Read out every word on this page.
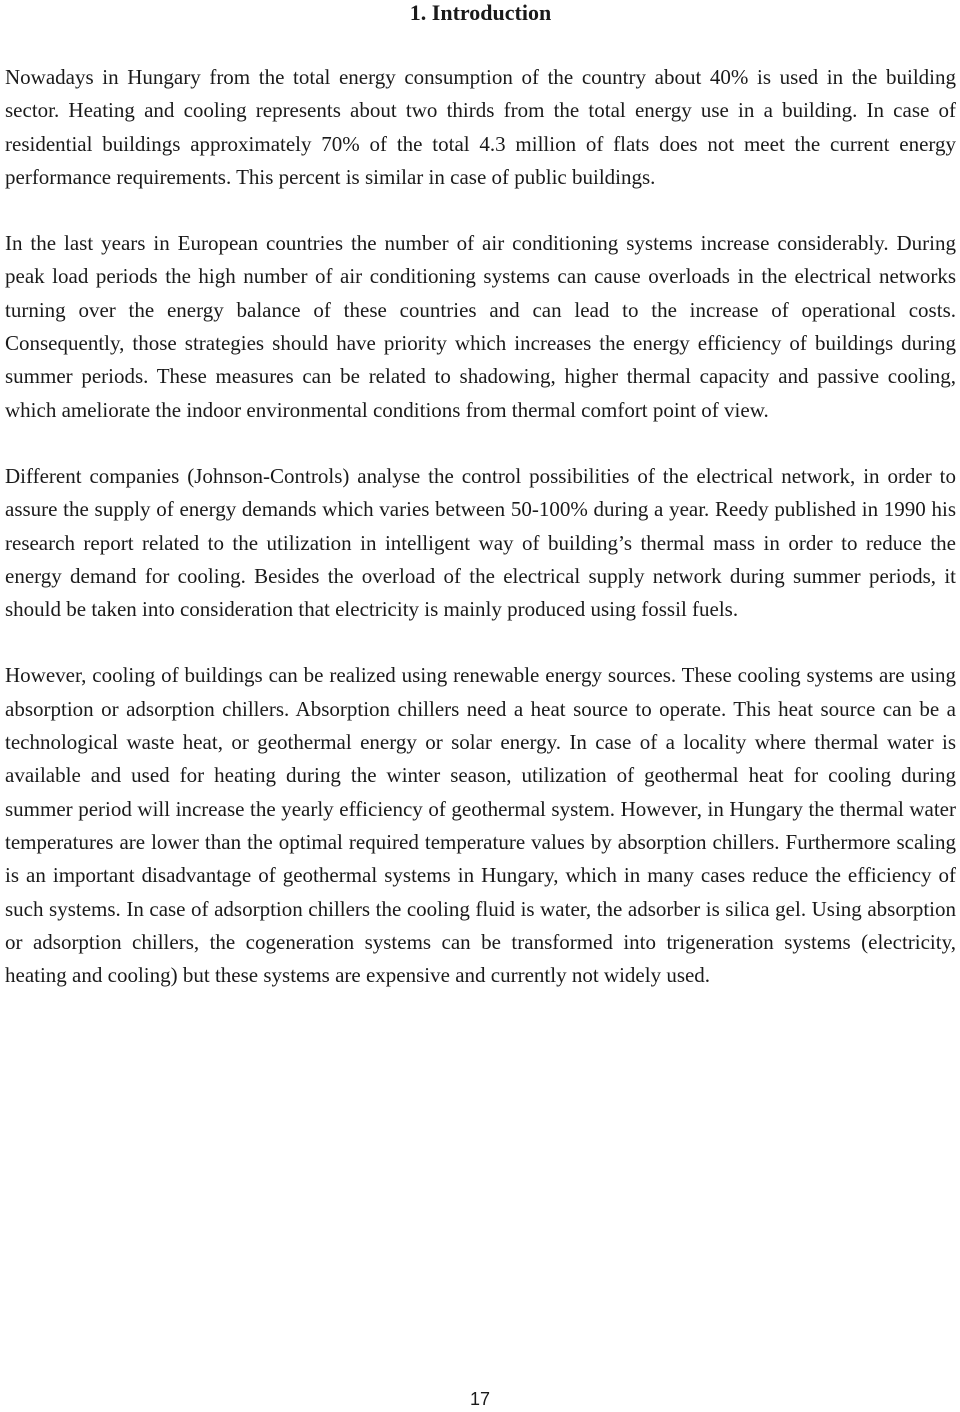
1. Introduction

Nowadays in Hungary from the total energy consumption of the country about 40% is used in the building sector. Heating and cooling represents about two thirds from the total energy use in a building. In case of residential buildings approximately 70% of the total 4.3 million of flats does not meet the current energy performance requirements. This percent is similar in case of public buildings.

In the last years in European countries the number of air conditioning systems increase considerably. During peak load periods the high number of air conditioning systems can cause overloads in the electrical networks turning over the energy balance of these countries and can lead to the increase of operational costs. Consequently, those strategies should have priority which increases the energy efficiency of buildings during summer periods. These measures can be related to shadowing, higher thermal capacity and passive cooling, which ameliorate the indoor environmental conditions from thermal comfort point of view.

Different companies (Johnson-Controls) analyse the control possibilities of the electrical network, in order to assure the supply of energy demands which varies between 50-100% during a year. Reedy published in 1990 his research report related to the utilization in intelligent way of building’s thermal mass in order to reduce the energy demand for cooling. Besides the overload of the electrical supply network during summer periods, it should be taken into consideration that electricity is mainly produced using fossil fuels.

However, cooling of buildings can be realized using renewable energy sources. These cooling systems are using absorption or adsorption chillers. Absorption chillers need a heat source to operate. This heat source can be a technological waste heat, or geothermal energy or solar energy. In case of a locality where thermal water is available and used for heating during the winter season, utilization of geothermal heat for cooling during summer period will increase the yearly efficiency of geothermal system. However, in Hungary the thermal water temperatures are lower than the optimal required temperature values by absorption chillers. Furthermore scaling is an important disadvantage of geothermal systems in Hungary, which in many cases reduce the efficiency of such systems. In case of adsorption chillers the cooling fluid is water, the adsorber is silica gel. Using absorption or adsorption chillers, the cogeneration systems can be transformed into trigeneration systems (electricity, heating and cooling) but these systems are expensive and currently not widely used.

17
